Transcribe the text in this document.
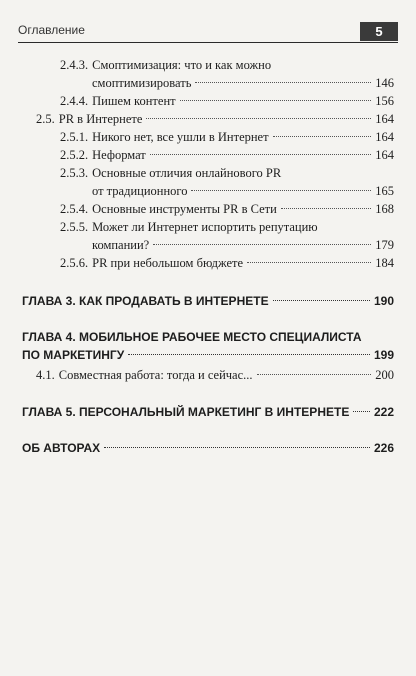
Оглавление	5
2.4.3. Смоптимизация: что и как можно
смоптимизировать	146
2.4.4. Пишем контент	156
2.5. PR в Интернете	164
2.5.1. Никого нет, все ушли в Интернет	164
2.5.2. Неформат	164
2.5.3. Основные отличия онлайнового PR
от традиционного	165
2.5.4. Основные инструменты PR в Сети	168
2.5.5. Может ли Интернет испортить репутацию
компании?	179
2.5.6. PR при небольшом бюджете	184
ГЛАВА 3. КАК ПРОДАВАТЬ В ИНТЕРНЕТЕ	190
ГЛАВА 4. МОБИЛЬНОЕ РАБОЧЕЕ МЕСТО СПЕЦИАЛИСТА
ПО МАРКЕТИНГУ	199
4.1. Совместная работа: тогда и сейчас...	200
ГЛАВА 5. ПЕРСОНАЛЬНЫЙ МАРКЕТИНГ В ИНТЕРНЕТЕ 222
ОБ АВТОРАХ	226
